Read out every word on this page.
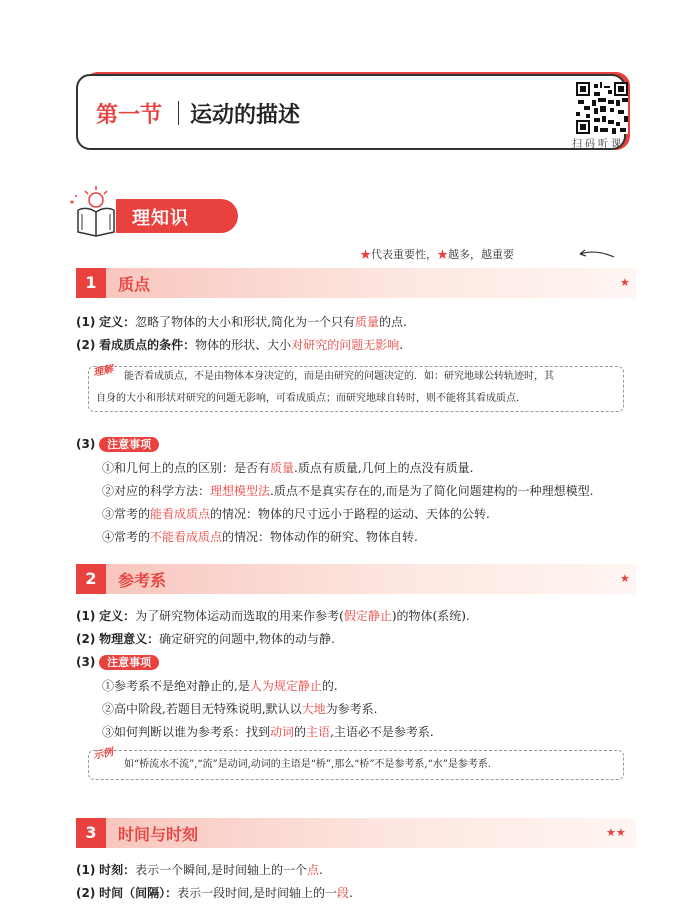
第一节 运动的描述
扫码听课
理知识
★代表重要性，★越多，越重要
1	质点	★
(1) 定义：忽略了物体的大小和形状,简化为一个只有质量的点.
(2) 看成质点的条件：物体的形状、大小对研究的问题无影响.
理解 能否看成质点，不是由物体本身决定的，而是由研究的问题决定的．如：研究地球公转轨迹时，其
自身的大小和形状对研究的问题无影响，可看成质点；而研究地球自转时，则不能将其看成质点．
(3) 注意事项
①和几何上的点的区别：是否有质量.质点有质量,几何上的点没有质量.
②对应的科学方法：理想模型法.质点不是真实存在的,而是为了简化问题建构的一种理想模型.
③常考的能看成质点的情况：物体的尺寸远小于路程的运动、天体的公转.
④常考的不能看成质点的情况：物体动作的研究、物体自转.
2	参考系	★
(1) 定义：为了研究物体运动而选取的用来作参考(假定静止)的物体(系统).
(2) 物理意义：确定研究的问题中,物体的动与静.
(3) 注意事项
①参考系不是绝对静止的,是人为规定静止的.
②高中阶段,若题目无特殊说明,默认以大地为参考系.
③如何判断以谁为参考系：找到动词的主语,主语必不是参考系.
示例
如“桥流水不流”,“流”是动词,动词的主语是“桥”,那么“桥”不是参考系,“水”是参考系.
3	时间与时刻	★★
(1) 时刻：表示一个瞬间,是时间轴上的一个点.
(2) 时间（间隔）：表示一段时间,是时间轴上的一段.
